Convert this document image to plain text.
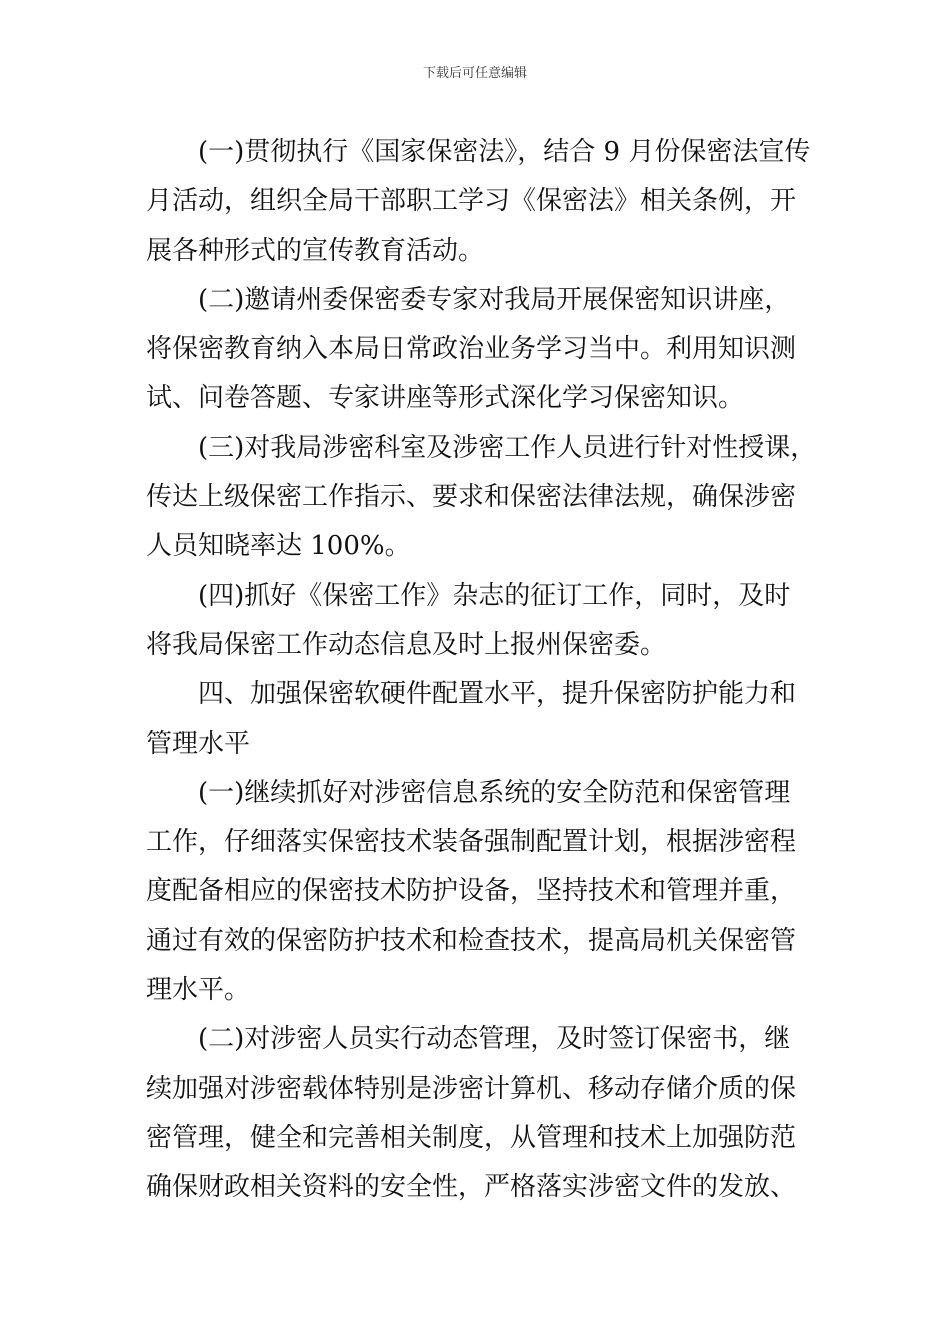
下载后可任意编辑
(一)贯彻执行《国家保密法》，结合 9 月份保密法宣传
月活动，组织全局干部职工学习《保密法》相关条例，开
展各种形式的宣传教育活动。
(二)邀请州委保密委专家对我局开展保密知识讲座，
将保密教育纳入本局日常政治业务学习当中。利用知识测
试、问卷答题、专家讲座等形式深化学习保密知识。
(三)对我局涉密科室及涉密工作人员进行针对性授课，
传达上级保密工作指示、要求和保密法律法规，确保涉密
人员知晓率达 100%。
(四)抓好《保密工作》杂志的征订工作，同时，及时
将我局保密工作动态信息及时上报州保密委。
四、加强保密软硬件配置水平，提升保密防护能力和
管理水平
(一)继续抓好对涉密信息系统的安全防范和保密管理
工作，仔细落实保密技术装备强制配置计划，根据涉密程
度配备相应的保密技术防护设备，坚持技术和管理并重，
通过有效的保密防护技术和检查技术，提高局机关保密管
理水平。
(二)对涉密人员实行动态管理，及时签订保密书，继
续加强对涉密载体特别是涉密计算机、移动存储介质的保
密管理，健全和完善相关制度，从管理和技术上加强防范
确保财政相关资料的安全性，严格落实涉密文件的发放、
